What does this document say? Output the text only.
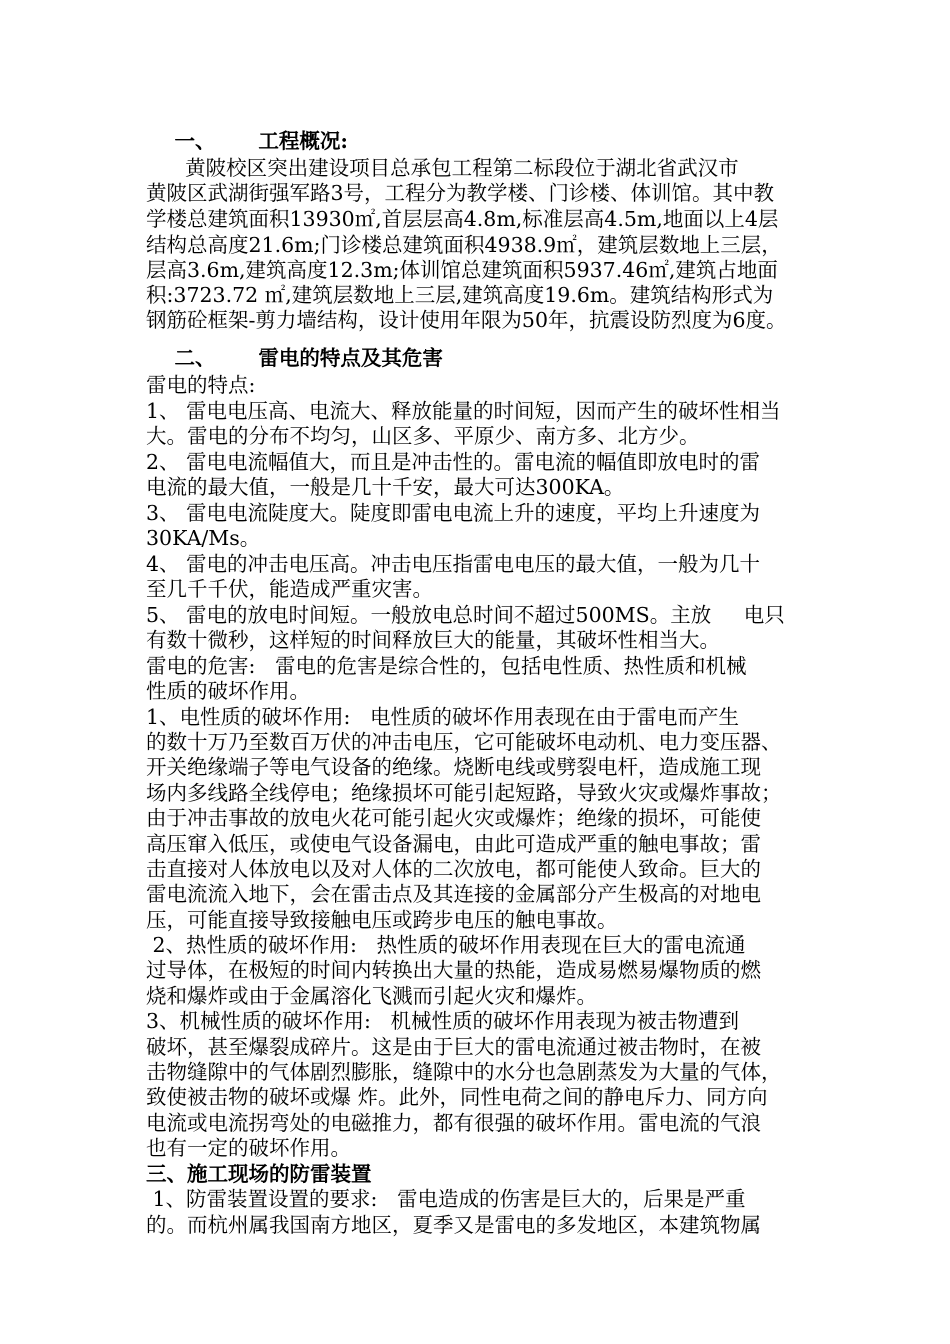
一、      工程概况:
黄陂校区突出建设项目总承包工程第二标段位于湖北省武汉市
黄陂区武湖街强军路3号，工程分为教学楼、门诊楼、体训馆。其中教
学楼总建筑面积13930㎡,首层层高4.8m,标准层高4.5m,地面以上4层
结构总高度21.6m;门诊楼总建筑面积4938.9㎡，建筑层数地上三层，
层高3.6m,建筑高度12.3m;体训馆总建筑面积5937.46㎡,建筑占地面
积:3723.72 ㎡,建筑层数地上三层,建筑高度19.6m。建筑结构形式为
钢筋砼框架-剪力墙结构，设计使用年限为50年，抗震设防烈度为6度。
二、      雷电的特点及其危害
雷电的特点:
1、 雷电电压高、电流大、释放能量的时间短，因而产生的破坏性相当
大。雷电的分布不均匀，山区多、平原少、南方多、北方少。
2、 雷电电流幅值大，而且是冲击性的。雷电流的幅值即放电时的雷
电流的最大值，一般是几十千安，最大可达300KA。
3、 雷电电流陡度大。陡度即雷电电流上升的速度，平均上升速度为
30KA/Ms。
4、 雷电的冲击电压高。冲击电压指雷电电压的最大值，一般为几十
至几千千伏，能造成严重灾害。
5、 雷电的放电时间短。一般放电总时间不超过500MS。主放     电只
有数十微秒，这样短的时间释放巨大的能量，其破坏性相当大。
雷电的危害:   雷电的危害是综合性的，包括电性质、热性质和机械
性质的破坏作用。
1、电性质的破坏作用:   电性质的破坏作用表现在由于雷电而产生
的数十万乃至数百万伏的冲击电压，它可能破坏电动机、电力变压器、
开关绝缘端子等电气设备的绝缘。烧断电线或劈裂电杆，造成施工现
场内多线路全线停电；绝缘损坏可能引起短路，导致火灾或爆炸事故；
由于冲击事故的放电火花可能引起火灾或爆炸；绝缘的损坏，可能使
高压窜入低压，或使电气设备漏电，由此可造成严重的触电事故；雷
击直接对人体放电以及对人体的二次放电，都可能使人致命。巨大的
雷电流流入地下，会在雷击点及其连接的金属部分产生极高的对地电
压，可能直接导致接触电压或跨步电压的触电事故。
2、热性质的破坏作用:   热性质的破坏作用表现在巨大的雷电流通
过导体，在极短的时间内转换出大量的热能，造成易燃易爆物质的燃
烧和爆炸或由于金属溶化飞溅而引起火灾和爆炸。
3、机械性质的破坏作用:   机械性质的破坏作用表现为被击物遭到
破坏，甚至爆裂成碎片。这是由于巨大的雷电流通过被击物时，在被
击物缝隙中的气体剧烈膨胀，缝隙中的水分也急剧蒸发为大量的气体，
致使被击物的破坏或爆 炸。此外，同性电荷之间的静电斥力、同方向
电流或电流拐弯处的电磁推力，都有很强的破坏作用。雷电流的气浪
也有一定的破坏作用。
三、施工现场的防雷装置
1、防雷装置设置的要求:   雷电造成的伤害是巨大的，后果是严重
的。而杭州属我国南方地区，夏季又是雷电的多发地区，本建筑物属
